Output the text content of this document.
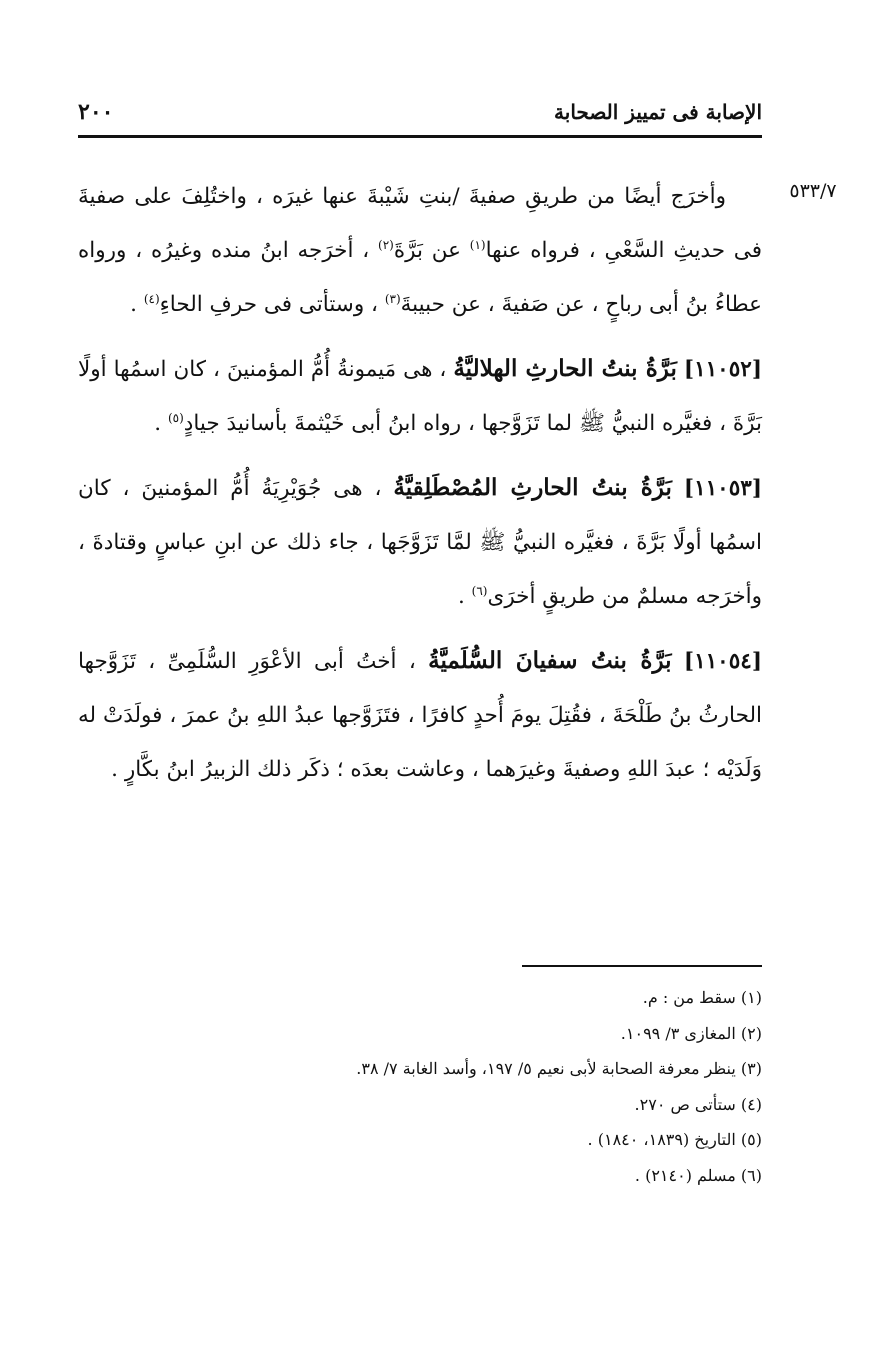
الإصابة فى تمييز الصحابة
٢٠٠
٥٣٣/٧

وأخرَج أيضًا من طريقِ صفيةَ /بنتِ شَيْبةَ عنها غيرَه ، واختُلِفَ على صفيةَ فى حديثِ السَّعْىِ ، فرواه عنها$^{(١)}$ عن بَرَّةَ$^{(٢)}$ ، أخرَجه ابنُ منده وغيرُه ، ورواه عطاءُ بنُ أبى رباحٍ ، عن صَفيةَ ، عن حبيبةَ$^{(٣)}$ ، وستأتى فى حرفِ الحاءِ$^{(٤)}$ .

[١١٠٥٢] بَرَّةُ بنتُ الحارثِ الهلاليَّةُ ، هى مَيمونةُ أُمُّ المؤمنينَ ، كان اسمُها أولًا بَرَّةَ ، فغيَّره النبيُّ ﷺ لما تَزَوَّجها ، رواه ابنُ أبى خَيْثمةَ بأسانيدَ جيادٍ$^{(٥)}$ .

[١١٠٥٣] بَرَّةُ بنتُ الحارثِ المُصْطَلِقيَّةُ ، هى جُوَيْرِيَةُ أُمُّ المؤمنينَ ، كان اسمُها أولًا بَرَّةَ ، فغيَّره النبيُّ ﷺ لمَّا تَزَوَّجَها ، جاء ذلك عن ابنِ عباسٍ وقتادةَ ، وأخرَجه مسلمٌ من طريقٍ أخرَى$^{(٦)}$ .

[١١٠٥٤] بَرَّةُ بنتُ سفيانَ السُّلَميَّةُ ، أختُ أبى الأعْوَرِ السُّلَمِىِّ ، تَزَوَّجها الحارثُ بنُ طَلْحَةَ ، فقُتِلَ يومَ أُحدٍ كافرًا ، فتَزَوَّجها عبدُ اللهِ بنُ عمرَ ، فولَدَتْ له وَلَدَيْه ؛ عبدَ اللهِ وصفيةَ وغيرَهما ، وعاشت بعدَه ؛ ذكَر ذلك الزبيرُ ابنُ بكَّارٍ .

(١) سقط من : م.

(٢) المغازى ٣/ ١٠٩٩.

(٣) ينظر معرفة الصحابة لأبى نعيم ٥/ ١٩٧، وأسد الغابة ٧/ ٣٨.

(٤) ستأتى ص ٢٧٠.

(٥) التاريخ (١٨٣٩، ١٨٤٠) .

(٦) مسلم (٢١٤٠) .
